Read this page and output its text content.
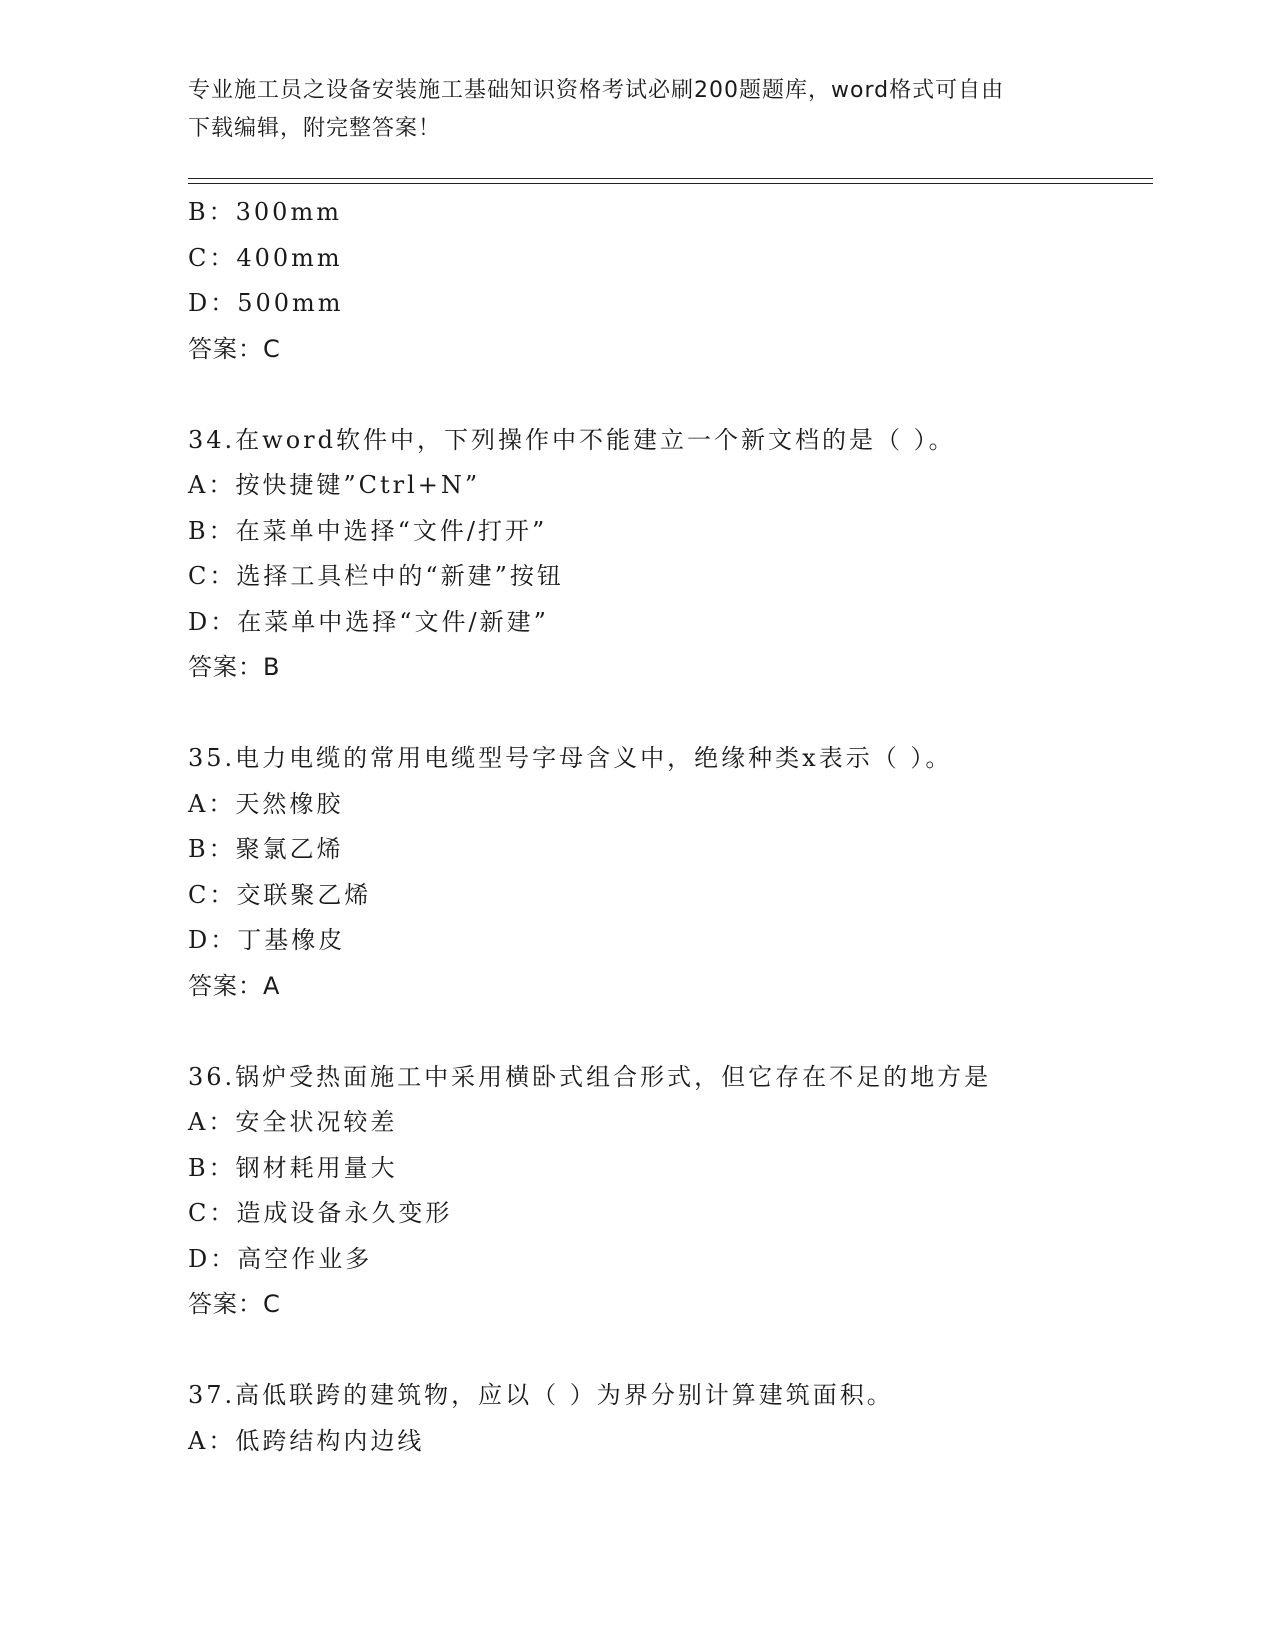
专业施工员之设备安装施工基础知识资格考试必刷200题题库，word格式可自由
下载编辑，附完整答案！
B：300mm
C：400mm
D：500mm
答案：C
34.在word软件中，下列操作中不能建立一个新文档的是（ ）。
A：按快捷键”Ctrl+N”
B：在菜单中选择“文件/打开”
C：选择工具栏中的“新建”按钮
D：在菜单中选择“文件/新建”
答案：B
35.电力电缆的常用电缆型号字母含义中，绝缘种类x表示（ ）。
A：天然橡胶
B：聚氯乙烯
C：交联聚乙烯
D：丁基橡皮
答案：A
36.锅炉受热面施工中采用横卧式组合形式，但它存在不足的地方是
A：安全状况较差
B：钢材耗用量大
C：造成设备永久变形
D：高空作业多
答案：C
37.高低联跨的建筑物，应以（ ）为界分别计算建筑面积。
A：低跨结构内边线
